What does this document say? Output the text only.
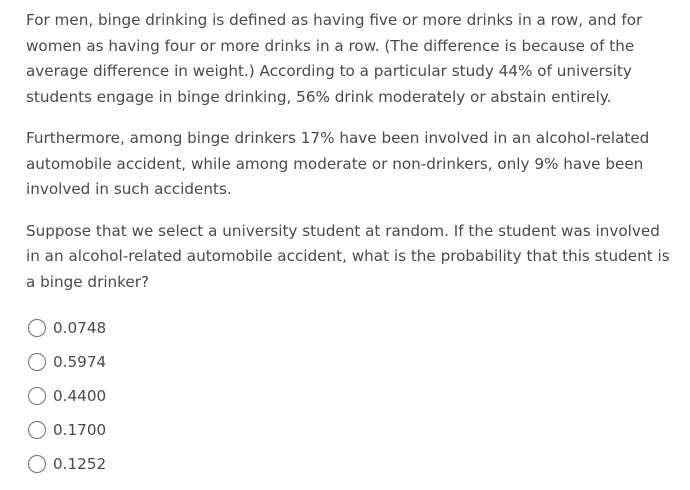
For men, binge drinking is defined as having five or more drinks in a row, and for women as having four or more drinks in a row. (The difference is because of the average difference in weight.) According to a particular study 44% of university students engage in binge drinking, 56% drink moderately or abstain entirely.

Furthermore, among binge drinkers 17% have been involved in an alcohol-related automobile accident, while among moderate or non-drinkers, only 9% have been involved in such accidents.

Suppose that we select a university student at random. If the student was involved in an alcohol-related automobile accident, what is the probability that this student is a binge drinker?

0.0748
0.5974
0.4400
0.1700
0.1252
